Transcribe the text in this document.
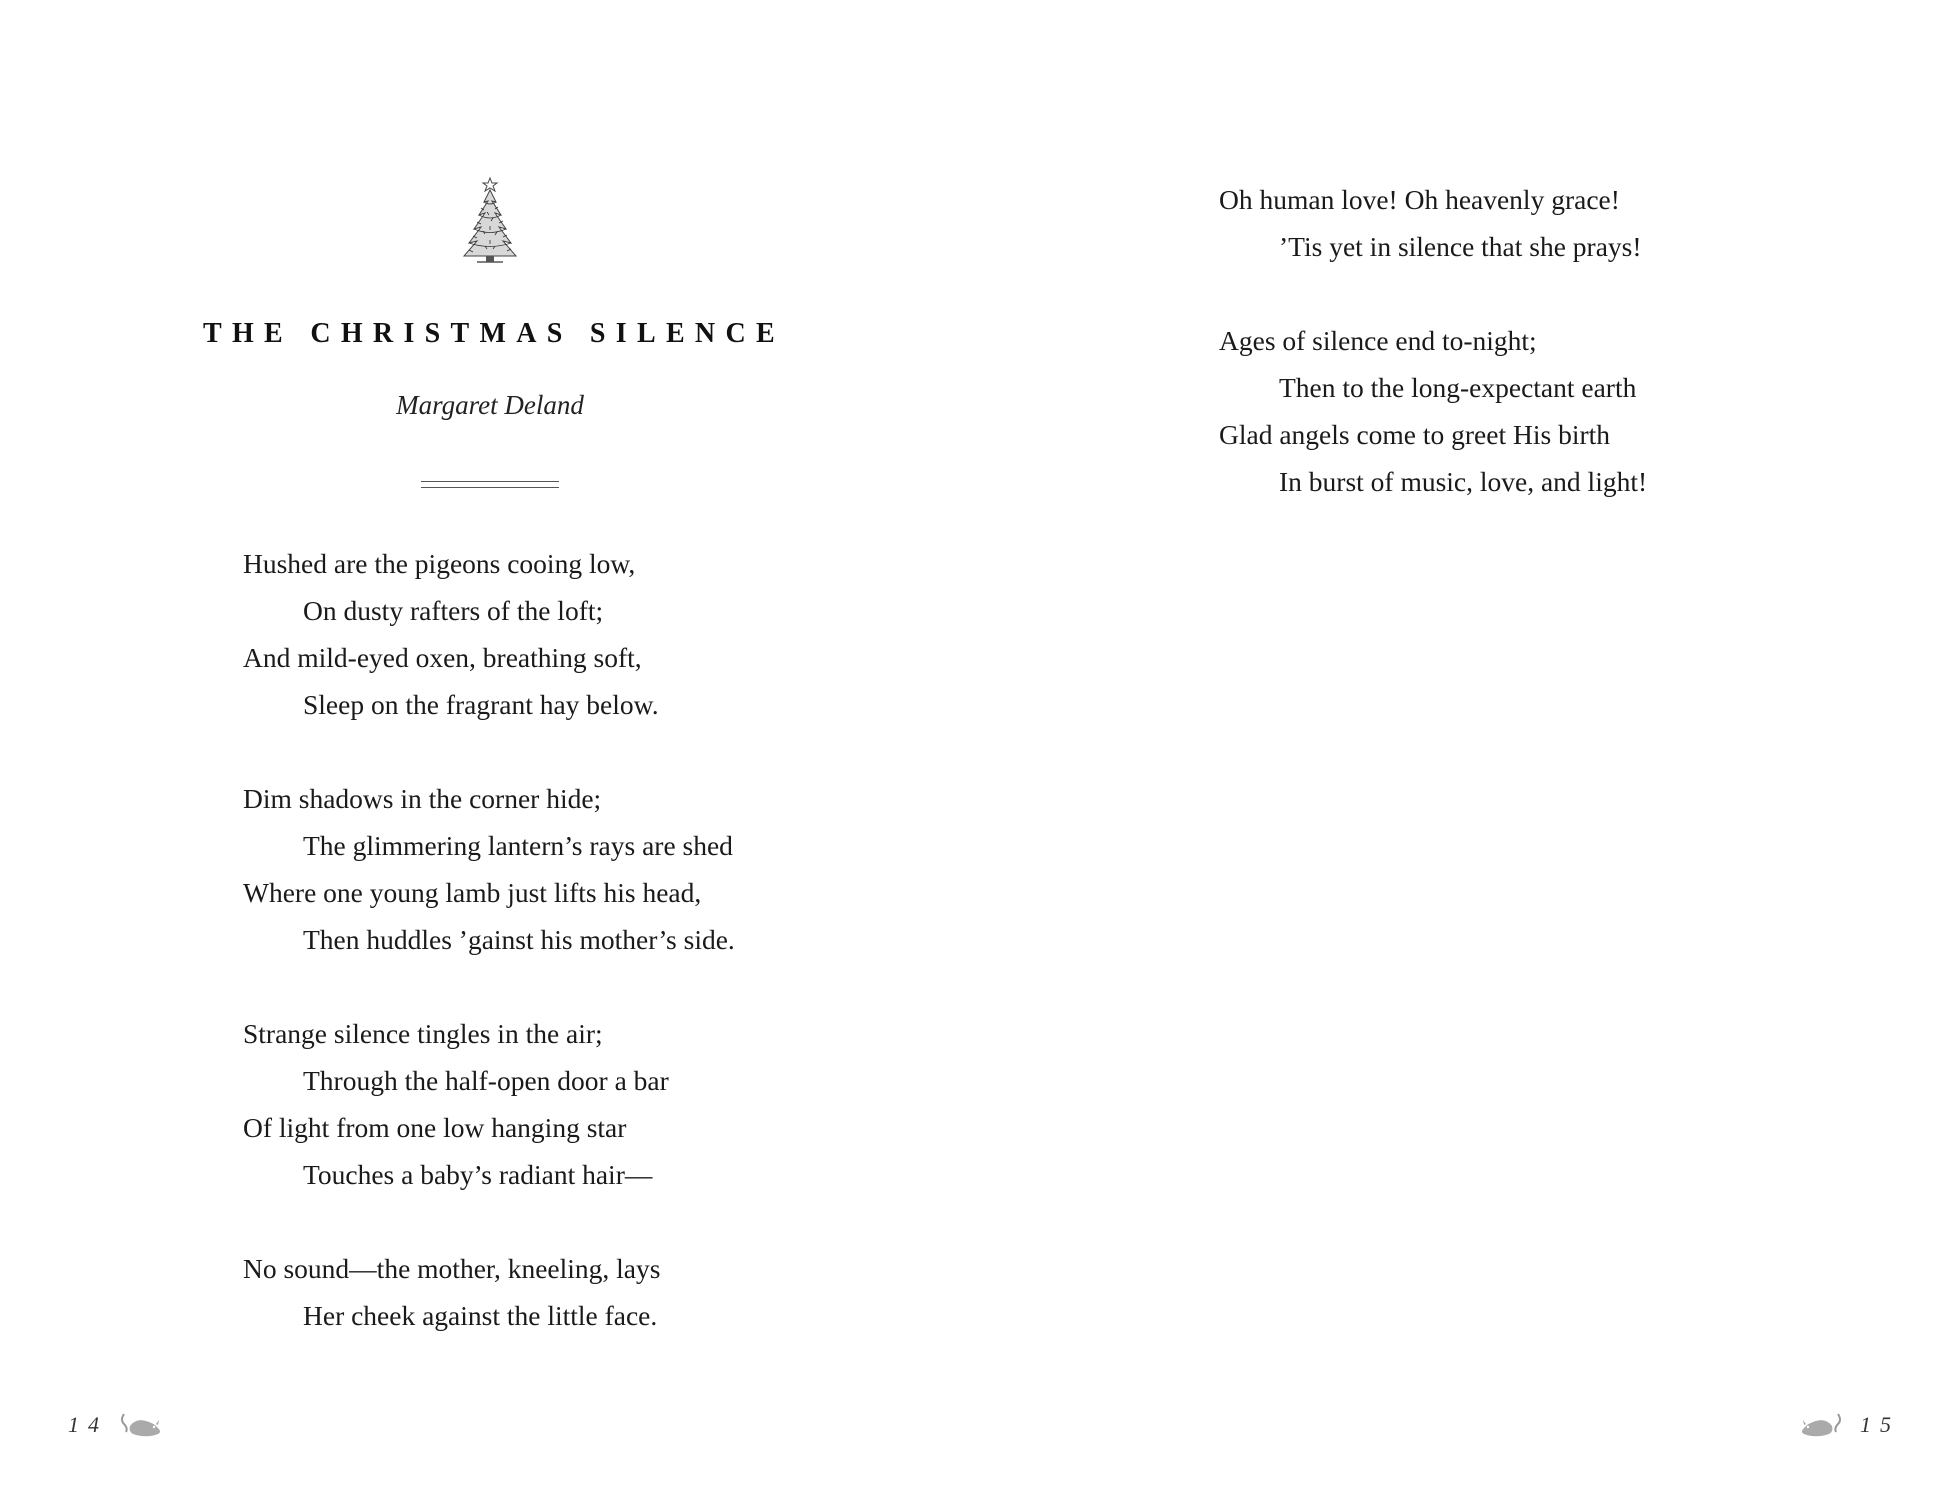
THE CHRISTMAS SILENCE
Margaret Deland
Hushed are the pigeons cooing low,
On dusty rafters of the loft;
And mild-eyed oxen, breathing soft,
Sleep on the fragrant hay below.
Dim shadows in the corner hide;
The glimmering lantern’s rays are shed
Where one young lamb just lifts his head,
Then huddles ’gainst his mother’s side.
Strange silence tingles in the air;
Through the half-open door a bar
Of light from one low hanging star
Touches a baby’s radiant hair—
No sound—the mother, kneeling, lays
Her cheek against the little face.
14
Oh human love! Oh heavenly grace!
’Tis yet in silence that she prays!
Ages of silence end to-night;
Then to the long-expectant earth
Glad angels come to greet His birth
In burst of music, love, and light!
15
